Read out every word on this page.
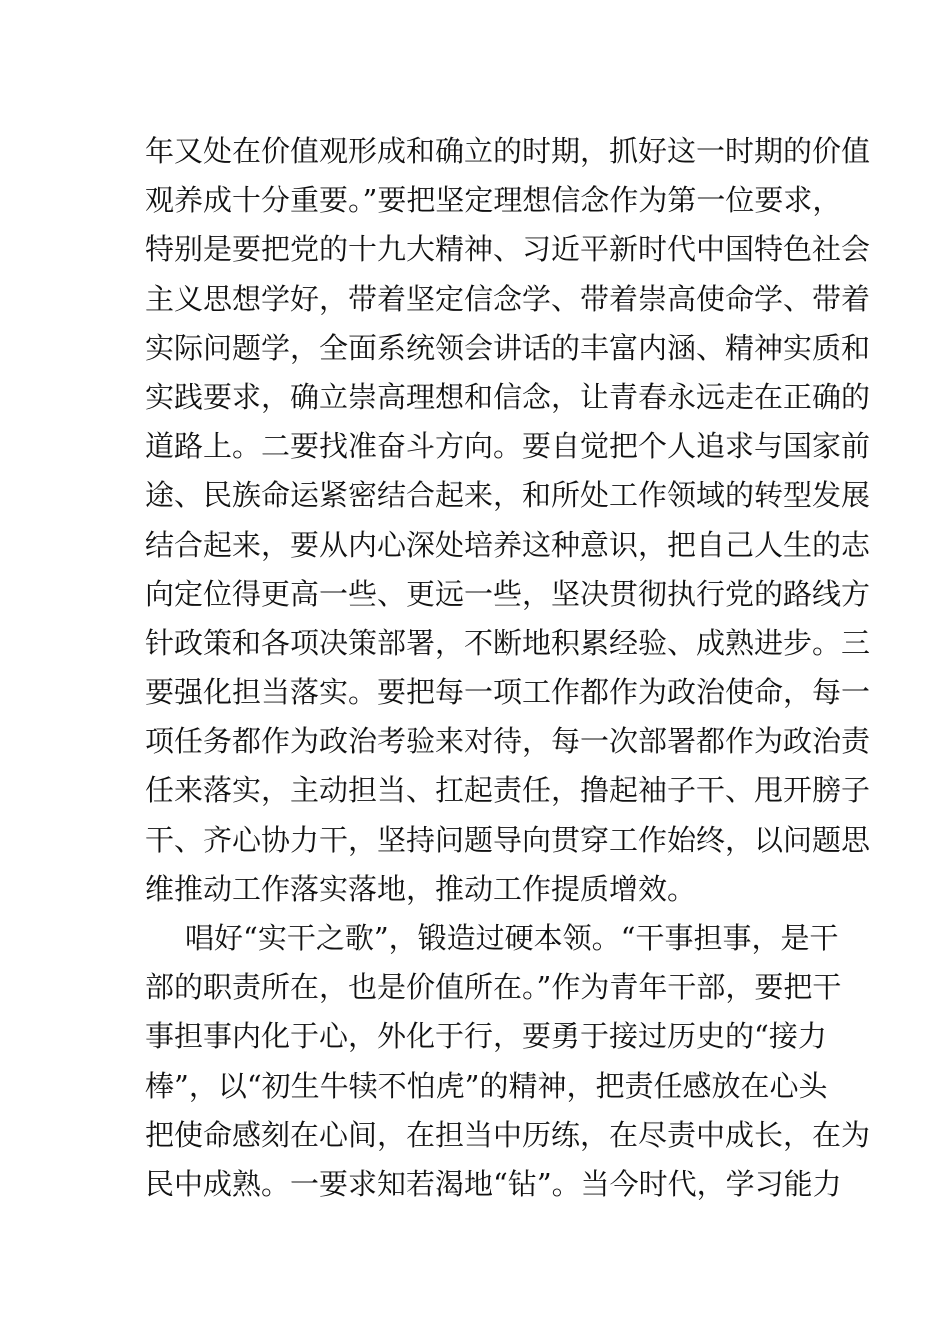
年又处在价值观形成和确立的时期，抓好这一时期的价值
观养成十分重要。”要把坚定理想信念作为第一位要求，
特别是要把党的十九大精神、习近平新时代中国特色社会
主义思想学好，带着坚定信念学、带着崇高使命学、带着
实际问题学，全面系统领会讲话的丰富内涵、精神实质和
实践要求，确立崇高理想和信念，让青春永远走在正确的
道路上。二要找准奋斗方向。要自觉把个人追求与国家前
途、民族命运紧密结合起来，和所处工作领域的转型发展
结合起来，要从内心深处培养这种意识，把自己人生的志
向定位得更高一些、更远一些，坚决贯彻执行党的路线方
针政策和各项决策部署，不断地积累经验、成熟进步。三
要强化担当落实。要把每一项工作都作为政治使命，每一
项任务都作为政治考验来对待，每一次部署都作为政治责
任来落实，主动担当、扛起责任，撸起袖子干、甩开膀子
干、齐心协力干，坚持问题导向贯穿工作始终，以问题思
维推动工作落实落地，推动工作提质增效。
唱好“实干之歌”，锻造过硬本领。“干事担事，是干
部的职责所在，也是价值所在。”作为青年干部，要把干
事担事内化于心，外化于行，要勇于接过历史的“接力
棒”，以“初生牛犊不怕虎”的精神，把责任感放在心头
把使命感刻在心间，在担当中历练，在尽责中成长，在为
民中成熟。一要求知若渴地“钻”。当今时代，学习能力
